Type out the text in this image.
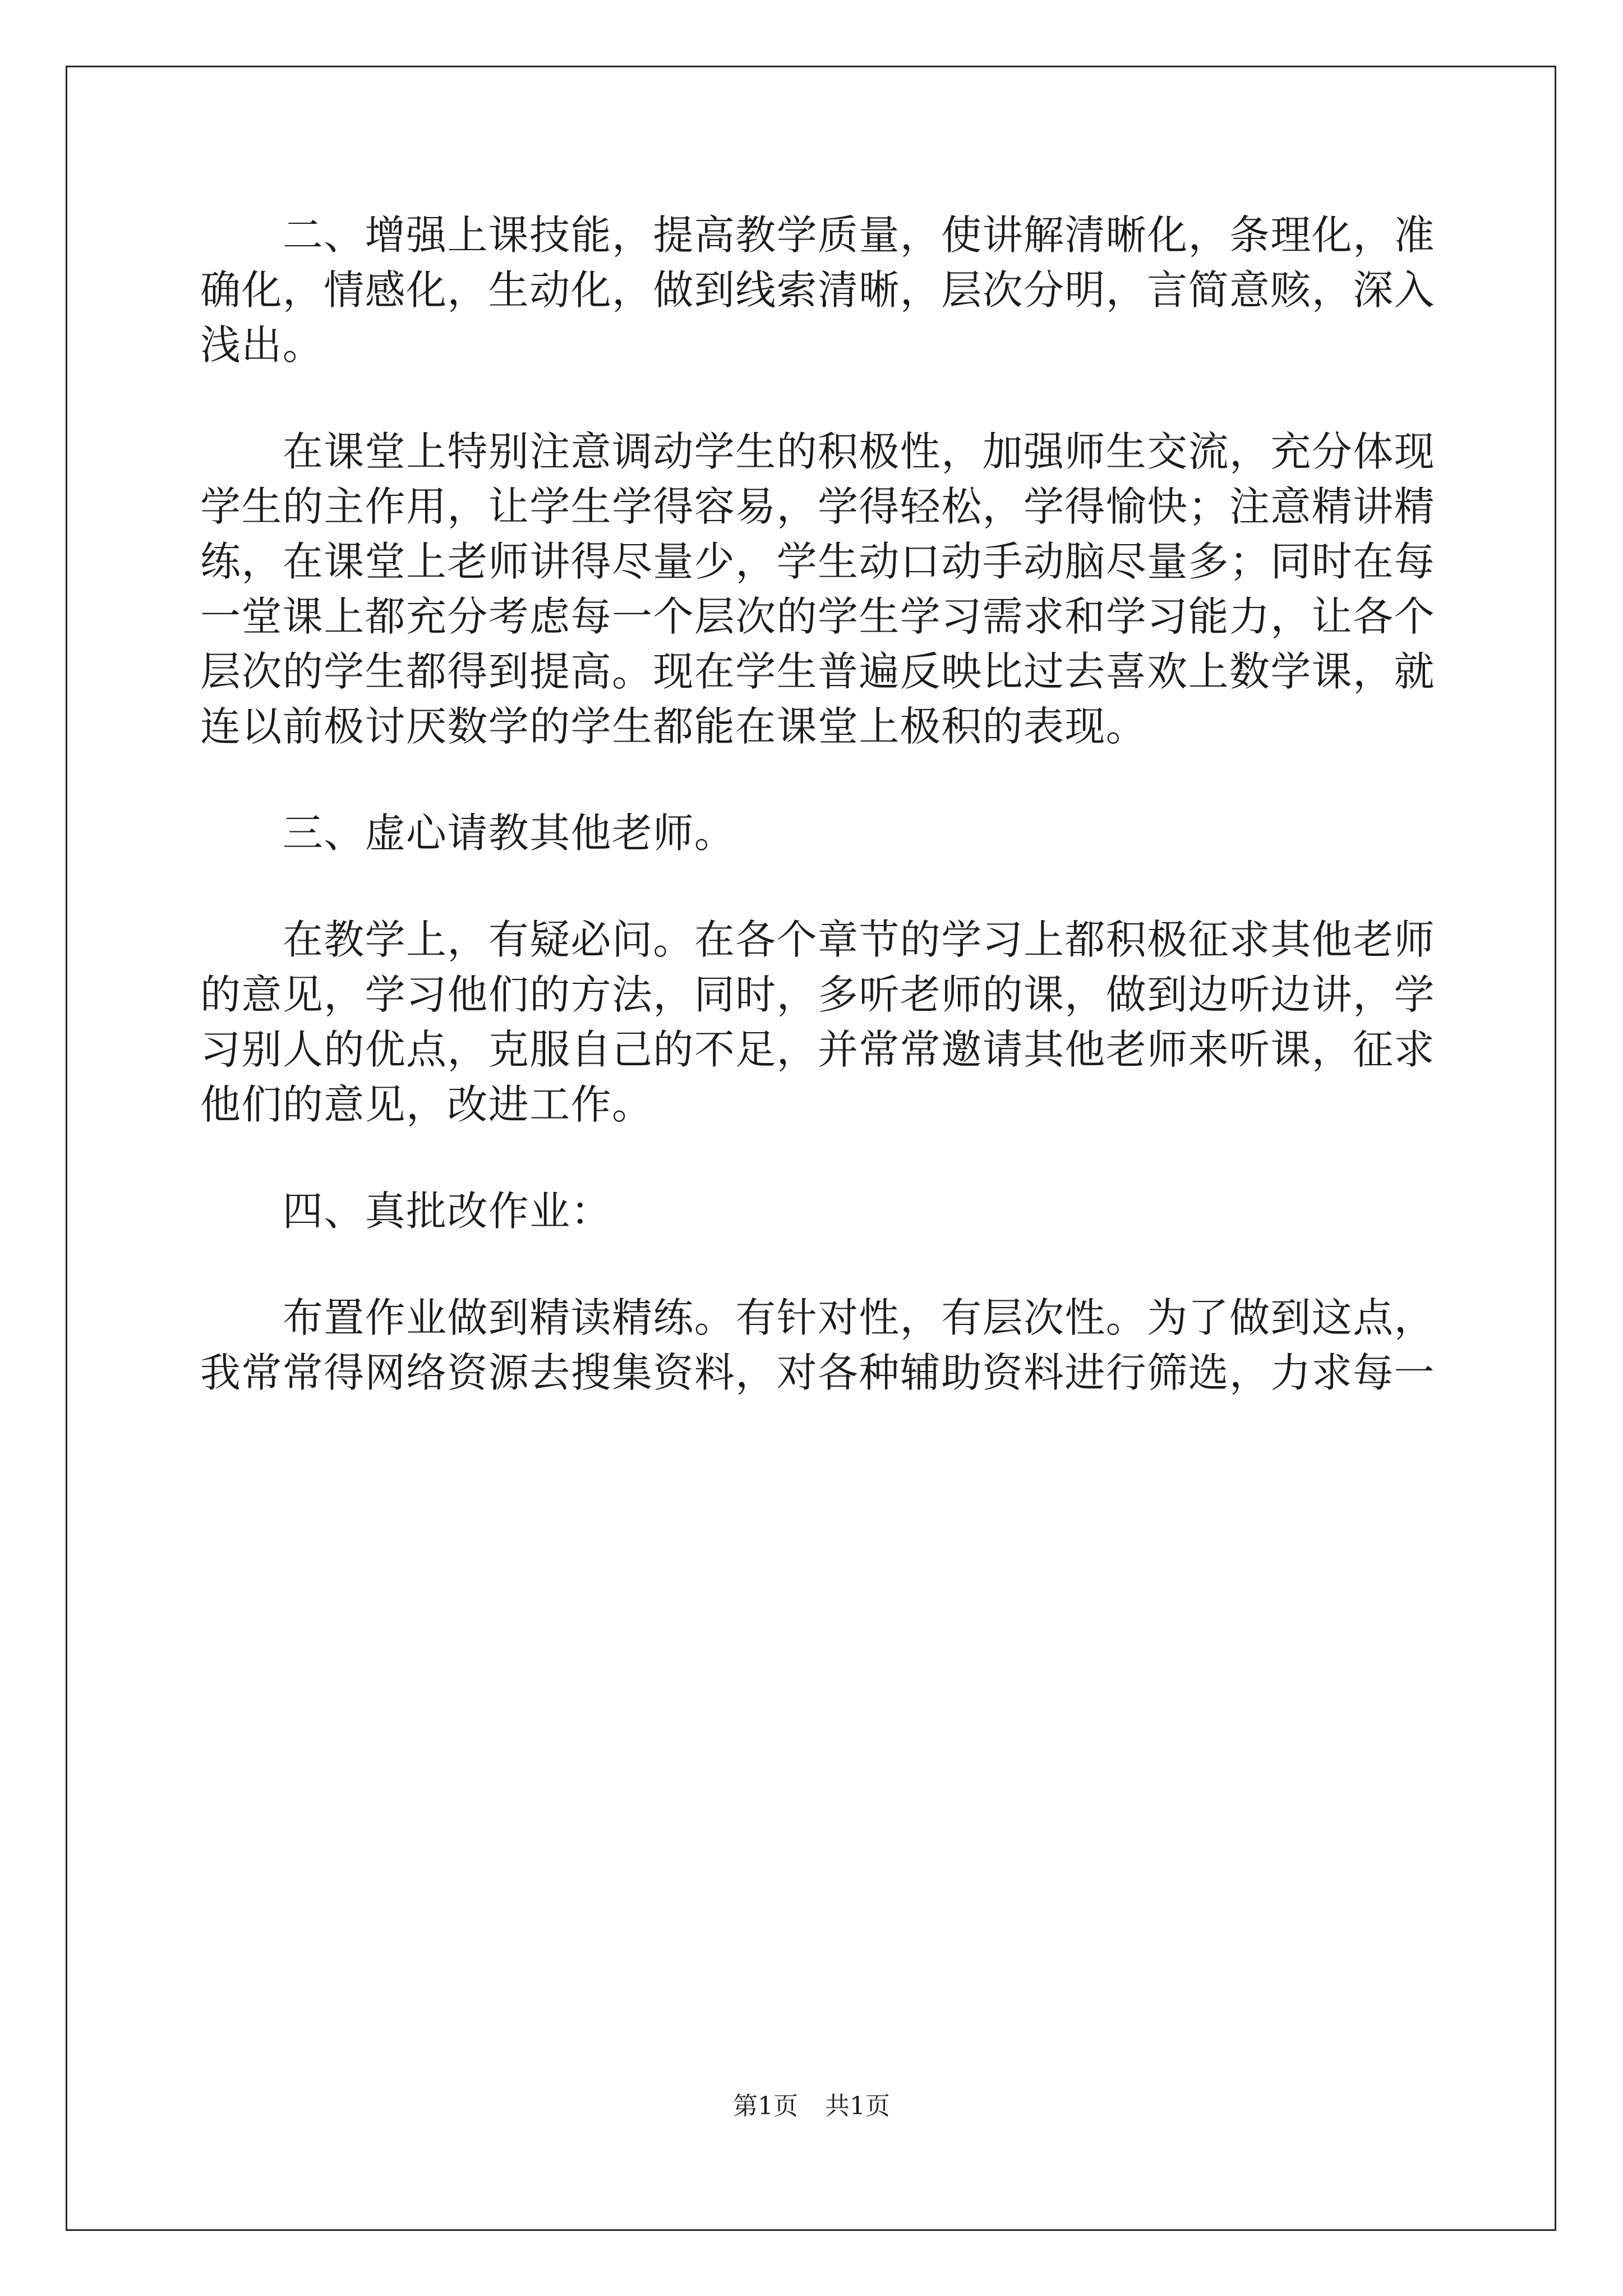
　　二、增强上课技能，提高教学质量，使讲解清晰化，条理化，准
确化，情感化，生动化，做到线索清晰，层次分明，言简意赅，深入
浅出。
　　在课堂上特别注意调动学生的积极性，加强师生交流，充分体现
学生的主作用，让学生学得容易，学得轻松，学得愉快；注意精讲精
练，在课堂上老师讲得尽量少，学生动口动手动脑尽量多；同时在每
一堂课上都充分考虑每一个层次的学生学习需求和学习能力，让各个
层次的学生都得到提高。现在学生普遍反映比过去喜欢上数学课，就
连以前极讨厌数学的学生都能在课堂上极积的表现。
　　三、虚心请教其他老师。
　　在教学上，有疑必问。在各个章节的学习上都积极征求其他老师
的意见，学习他们的方法，同时，多听老师的课，做到边听边讲，学
习别人的优点，克服自己的不足，并常常邀请其他老师来听课，征求
他们的意见，改进工作。
　　四、真批改作业：
　　布置作业做到精读精练。有针对性，有层次性。为了做到这点，
我常常得网络资源去搜集资料，对各种辅助资料进行筛选，力求每一
第1页 共1页
